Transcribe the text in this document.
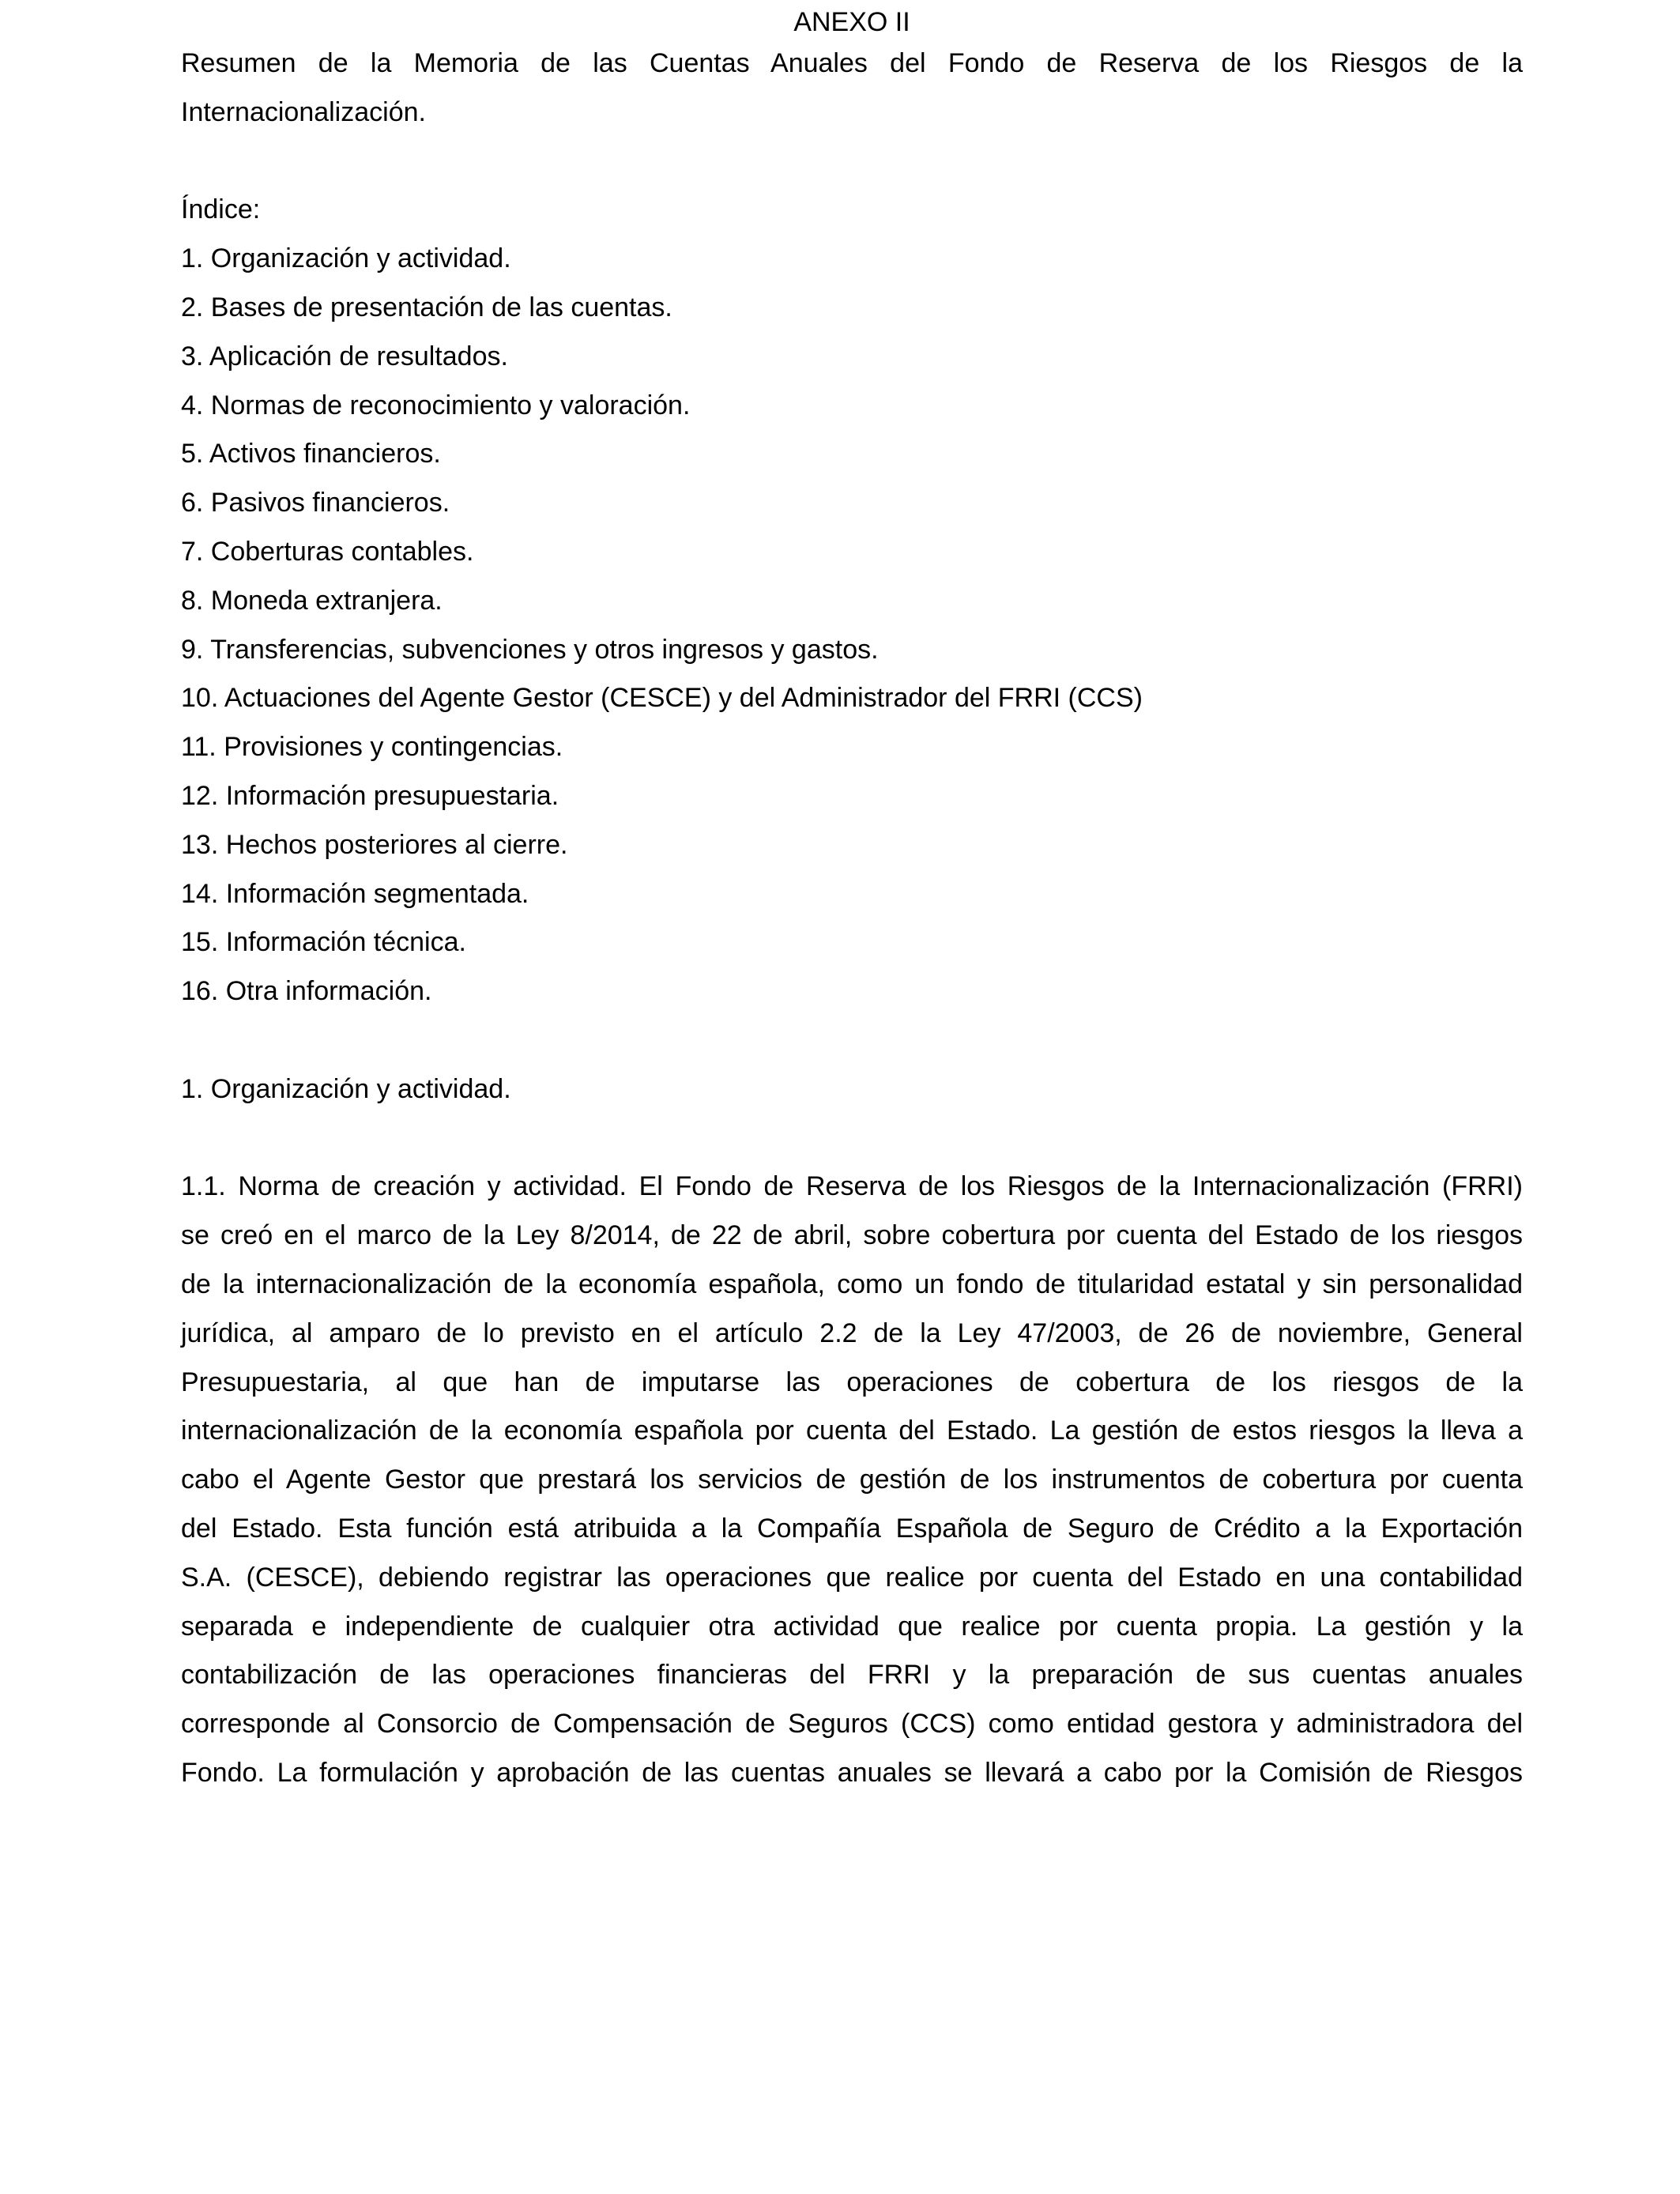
ANEXO II
Resumen de la Memoria de las Cuentas Anuales del Fondo de Reserva de los Riesgos de la
Internacionalización.
Índice:
1. Organización y actividad.
2. Bases de presentación de las cuentas.
3. Aplicación de resultados.
4. Normas de reconocimiento y valoración.
5. Activos financieros.
6. Pasivos financieros.
7. Coberturas contables.
8. Moneda extranjera.
9. Transferencias, subvenciones y otros ingresos y gastos.
10. Actuaciones del Agente Gestor (CESCE) y del Administrador del FRRI (CCS)
11. Provisiones y contingencias.
12. Información presupuestaria.
13. Hechos posteriores al cierre.
14. Información segmentada.
15. Información técnica.
16. Otra información.
1. Organización y actividad.
1.1. Norma de creación y actividad. El Fondo de Reserva de los Riesgos de la Internacionalización (FRRI)
se creó en el marco de la Ley 8/2014, de 22 de abril, sobre cobertura por cuenta del Estado de los riesgos
de la internacionalización de la economía española, como un fondo de titularidad estatal y sin personalidad
jurídica, al amparo de lo previsto en el artículo 2.2 de la Ley 47/2003, de 26 de noviembre, General
Presupuestaria, al que han de imputarse las operaciones de cobertura de los riesgos de la
internacionalización de la economía española por cuenta del Estado. La gestión de estos riesgos la lleva a
cabo el Agente Gestor que prestará los servicios de gestión de los instrumentos de cobertura por cuenta
del Estado. Esta función está atribuida a la Compañía Española de Seguro de Crédito a la Exportación
S.A. (CESCE), debiendo registrar las operaciones que realice por cuenta del Estado en una contabilidad
separada e independiente de cualquier otra actividad que realice por cuenta propia. La gestión y la
contabilización de las operaciones financieras del FRRI y la preparación de sus cuentas anuales
corresponde al Consorcio de Compensación de Seguros (CCS) como entidad gestora y administradora del
Fondo. La formulación y aprobación de las cuentas anuales se llevará a cabo por la Comisión de Riesgos
